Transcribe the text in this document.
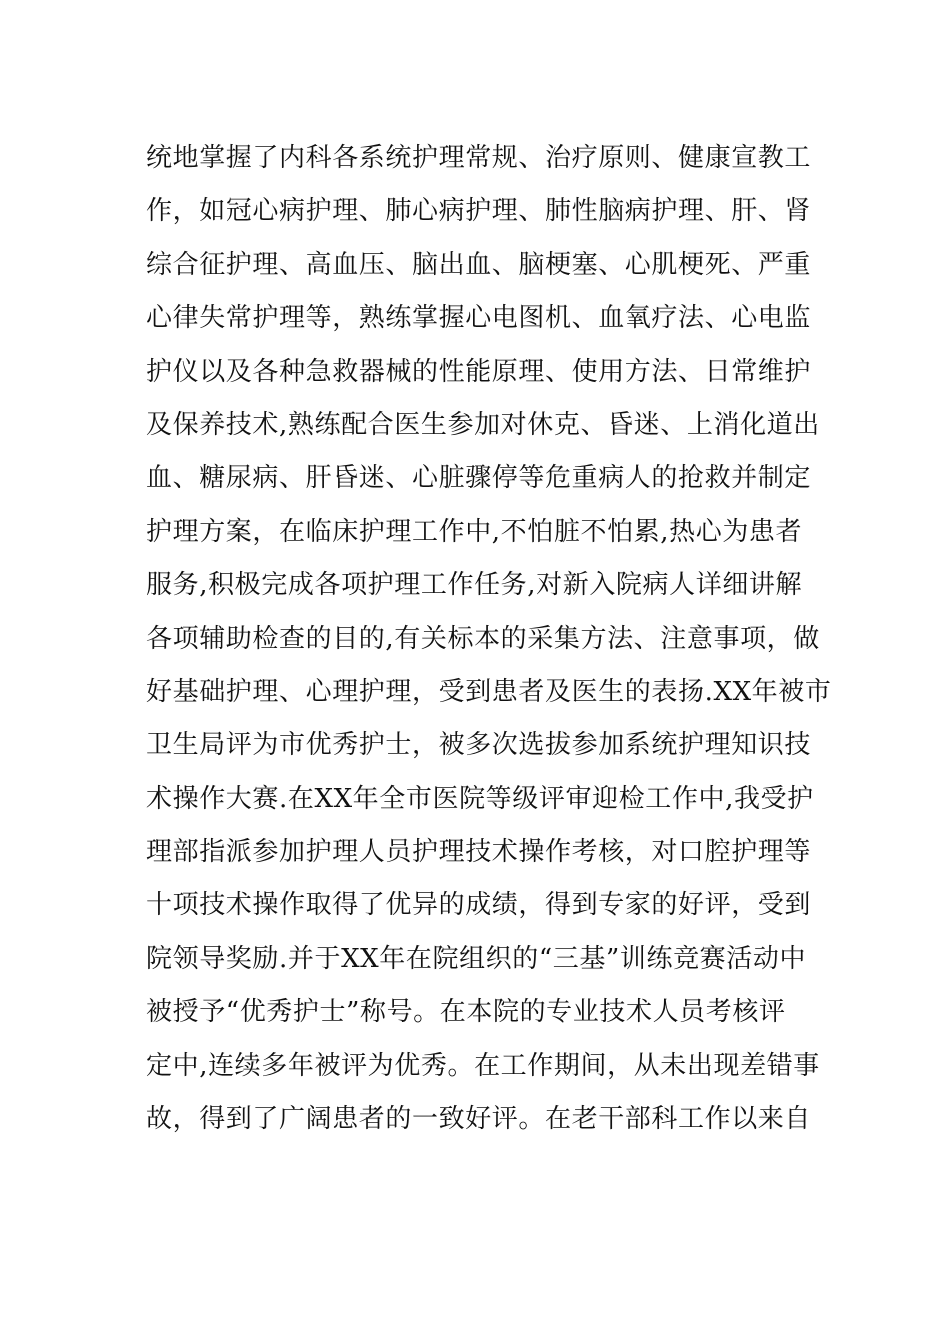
统地掌握了内科各系统护理常规、治疗原则、健康宣教工
作，如冠心病护理、肺心病护理、肺性脑病护理、肝、肾
综合征护理、高血压、脑出血、脑梗塞、心肌梗死、严重
心律失常护理等，熟练掌握心电图机、血氧疗法、心电监
护仪以及各种急救器械的性能原理、使用方法、日常维护
及保养技术,熟练配合医生参加对休克、昏迷、上消化道出
血、糖尿病、肝昏迷、心脏骤停等危重病人的抢救并制定
护理方案，在临床护理工作中,不怕脏不怕累,热心为患者
服务,积极完成各项护理工作任务,对新入院病人详细讲解
各项辅助检查的目的,有关标本的采集方法、注意事项，做
好基础护理、心理护理，受到患者及医生的表扬.XX年被市
卫生局评为市优秀护士，被多次选拔参加系统护理知识技
术操作大赛.在XX年全市医院等级评审迎检工作中,我受护
理部指派参加护理人员护理技术操作考核，对口腔护理等
十项技术操作取得了优异的成绩，得到专家的好评，受到
院领导奖励.并于XX年在院组织的“三基”训练竞赛活动中
被授予“优秀护士”称号。在本院的专业技术人员考核评
定中,连续多年被评为优秀。在工作期间，从未出现差错事
故，得到了广阔患者的一致好评。在老干部科工作以来自
